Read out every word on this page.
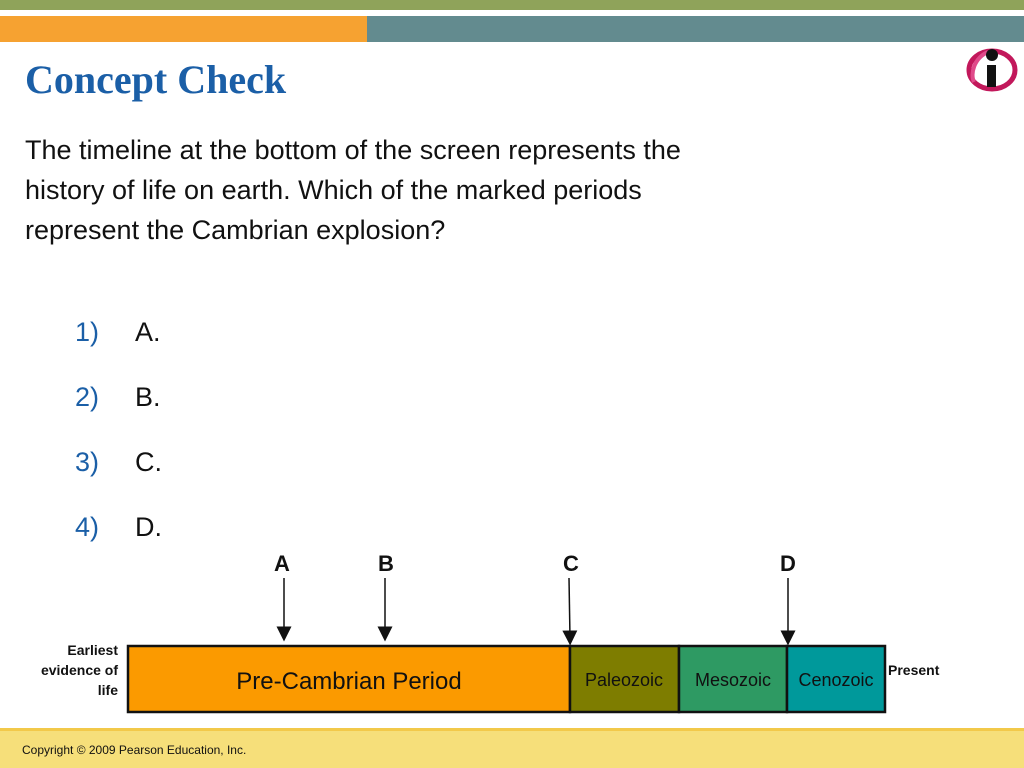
Concept Check

The timeline at the bottom of the screen represents the history of life on earth. Which of the marked periods represent the Cambrian explosion?

1) A.
2) B.
3) C.
4) D.
A	B	C	D
Pre-Cambrian Period	Paleozoic Mesozoic Cenozoic
Earliest evidence of life
Present
Copyright © 2009 Pearson Education, Inc.
